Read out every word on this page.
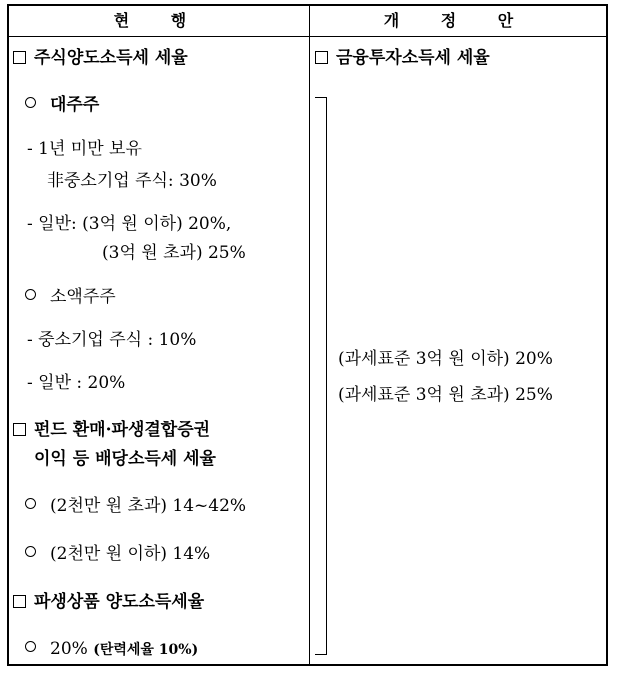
현 행	개 정 안
주식양도소득세 세율
대주주
- 1년 미만 보유
非중소기업 주식: 30%
- 일반: (3억 원 이하) 20%,
(3억 원 초과) 25%
소액주주
- 중소기업 주식 : 10%
- 일반 : 20%
펀드 환매·파생결합증권
이익 등 배당소득세 세율
(2천만 원 초과) 14~42%
(2천만 원 이하) 14%
파생상품 양도소득세율
20% (탄력세율 10%)
금융투자소득세 세율
(과세표준 3억 원 이하) 20%
(과세표준 3억 원 초과) 25%
